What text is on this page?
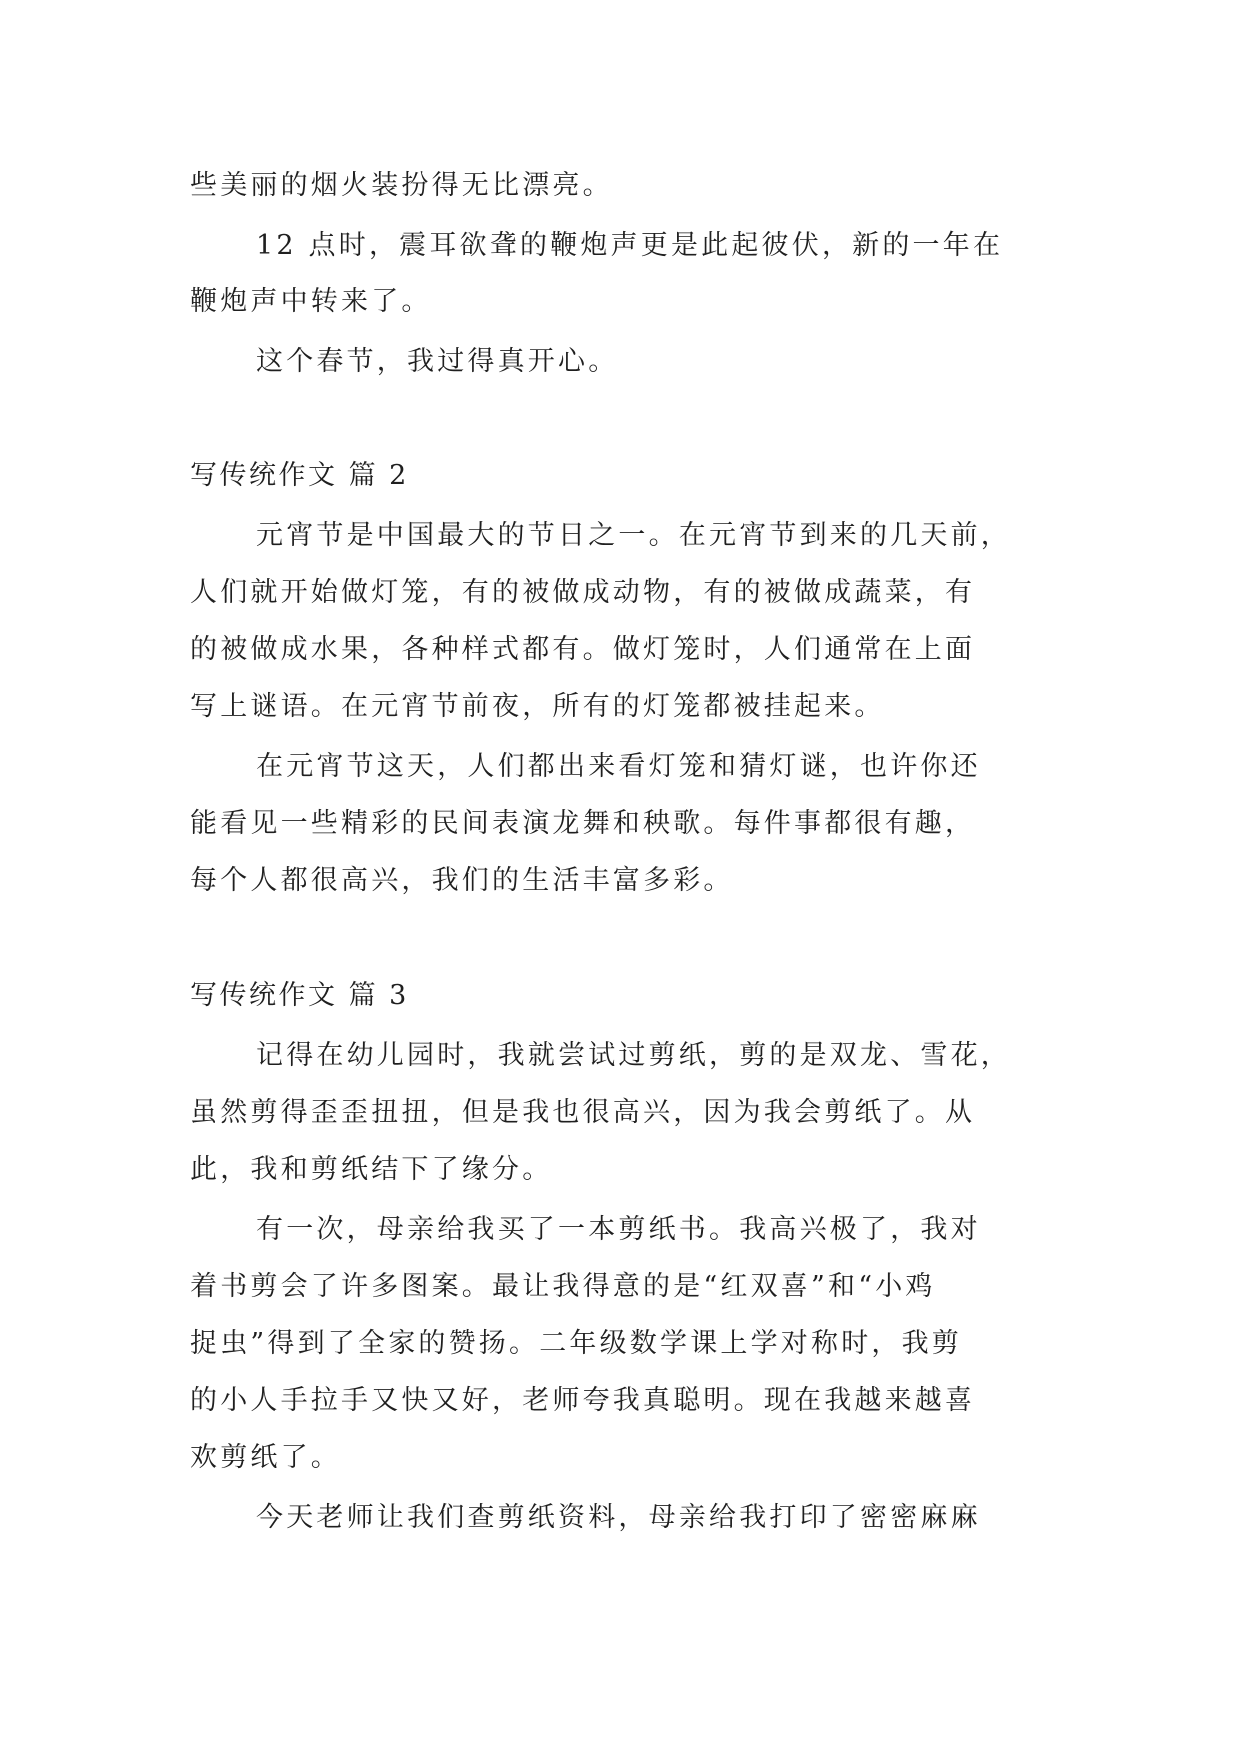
些美丽的烟火装扮得无比漂亮。
12 点时，震耳欲聋的鞭炮声更是此起彼伏，新的一年在
鞭炮声中转来了。
这个春节，我过得真开心。
写传统作文 篇 2
元宵节是中国最大的节日之一。在元宵节到来的几天前，
人们就开始做灯笼，有的被做成动物，有的被做成蔬菜，有
的被做成水果，各种样式都有。做灯笼时，人们通常在上面
写上谜语。在元宵节前夜，所有的灯笼都被挂起来。
在元宵节这天，人们都出来看灯笼和猜灯谜，也许你还
能看见一些精彩的民间表演龙舞和秧歌。每件事都很有趣，
每个人都很高兴，我们的生活丰富多彩。
写传统作文 篇 3
记得在幼儿园时，我就尝试过剪纸，剪的是双龙、雪花，
虽然剪得歪歪扭扭，但是我也很高兴，因为我会剪纸了。从
此，我和剪纸结下了缘分。
有一次，母亲给我买了一本剪纸书。我高兴极了，我对
着书剪会了许多图案。最让我得意的是“红双喜”和“小鸡
捉虫”得到了全家的赞扬。二年级数学课上学对称时，我剪
的小人手拉手又快又好，老师夸我真聪明。现在我越来越喜
欢剪纸了。
今天老师让我们查剪纸资料，母亲给我打印了密密麻麻
